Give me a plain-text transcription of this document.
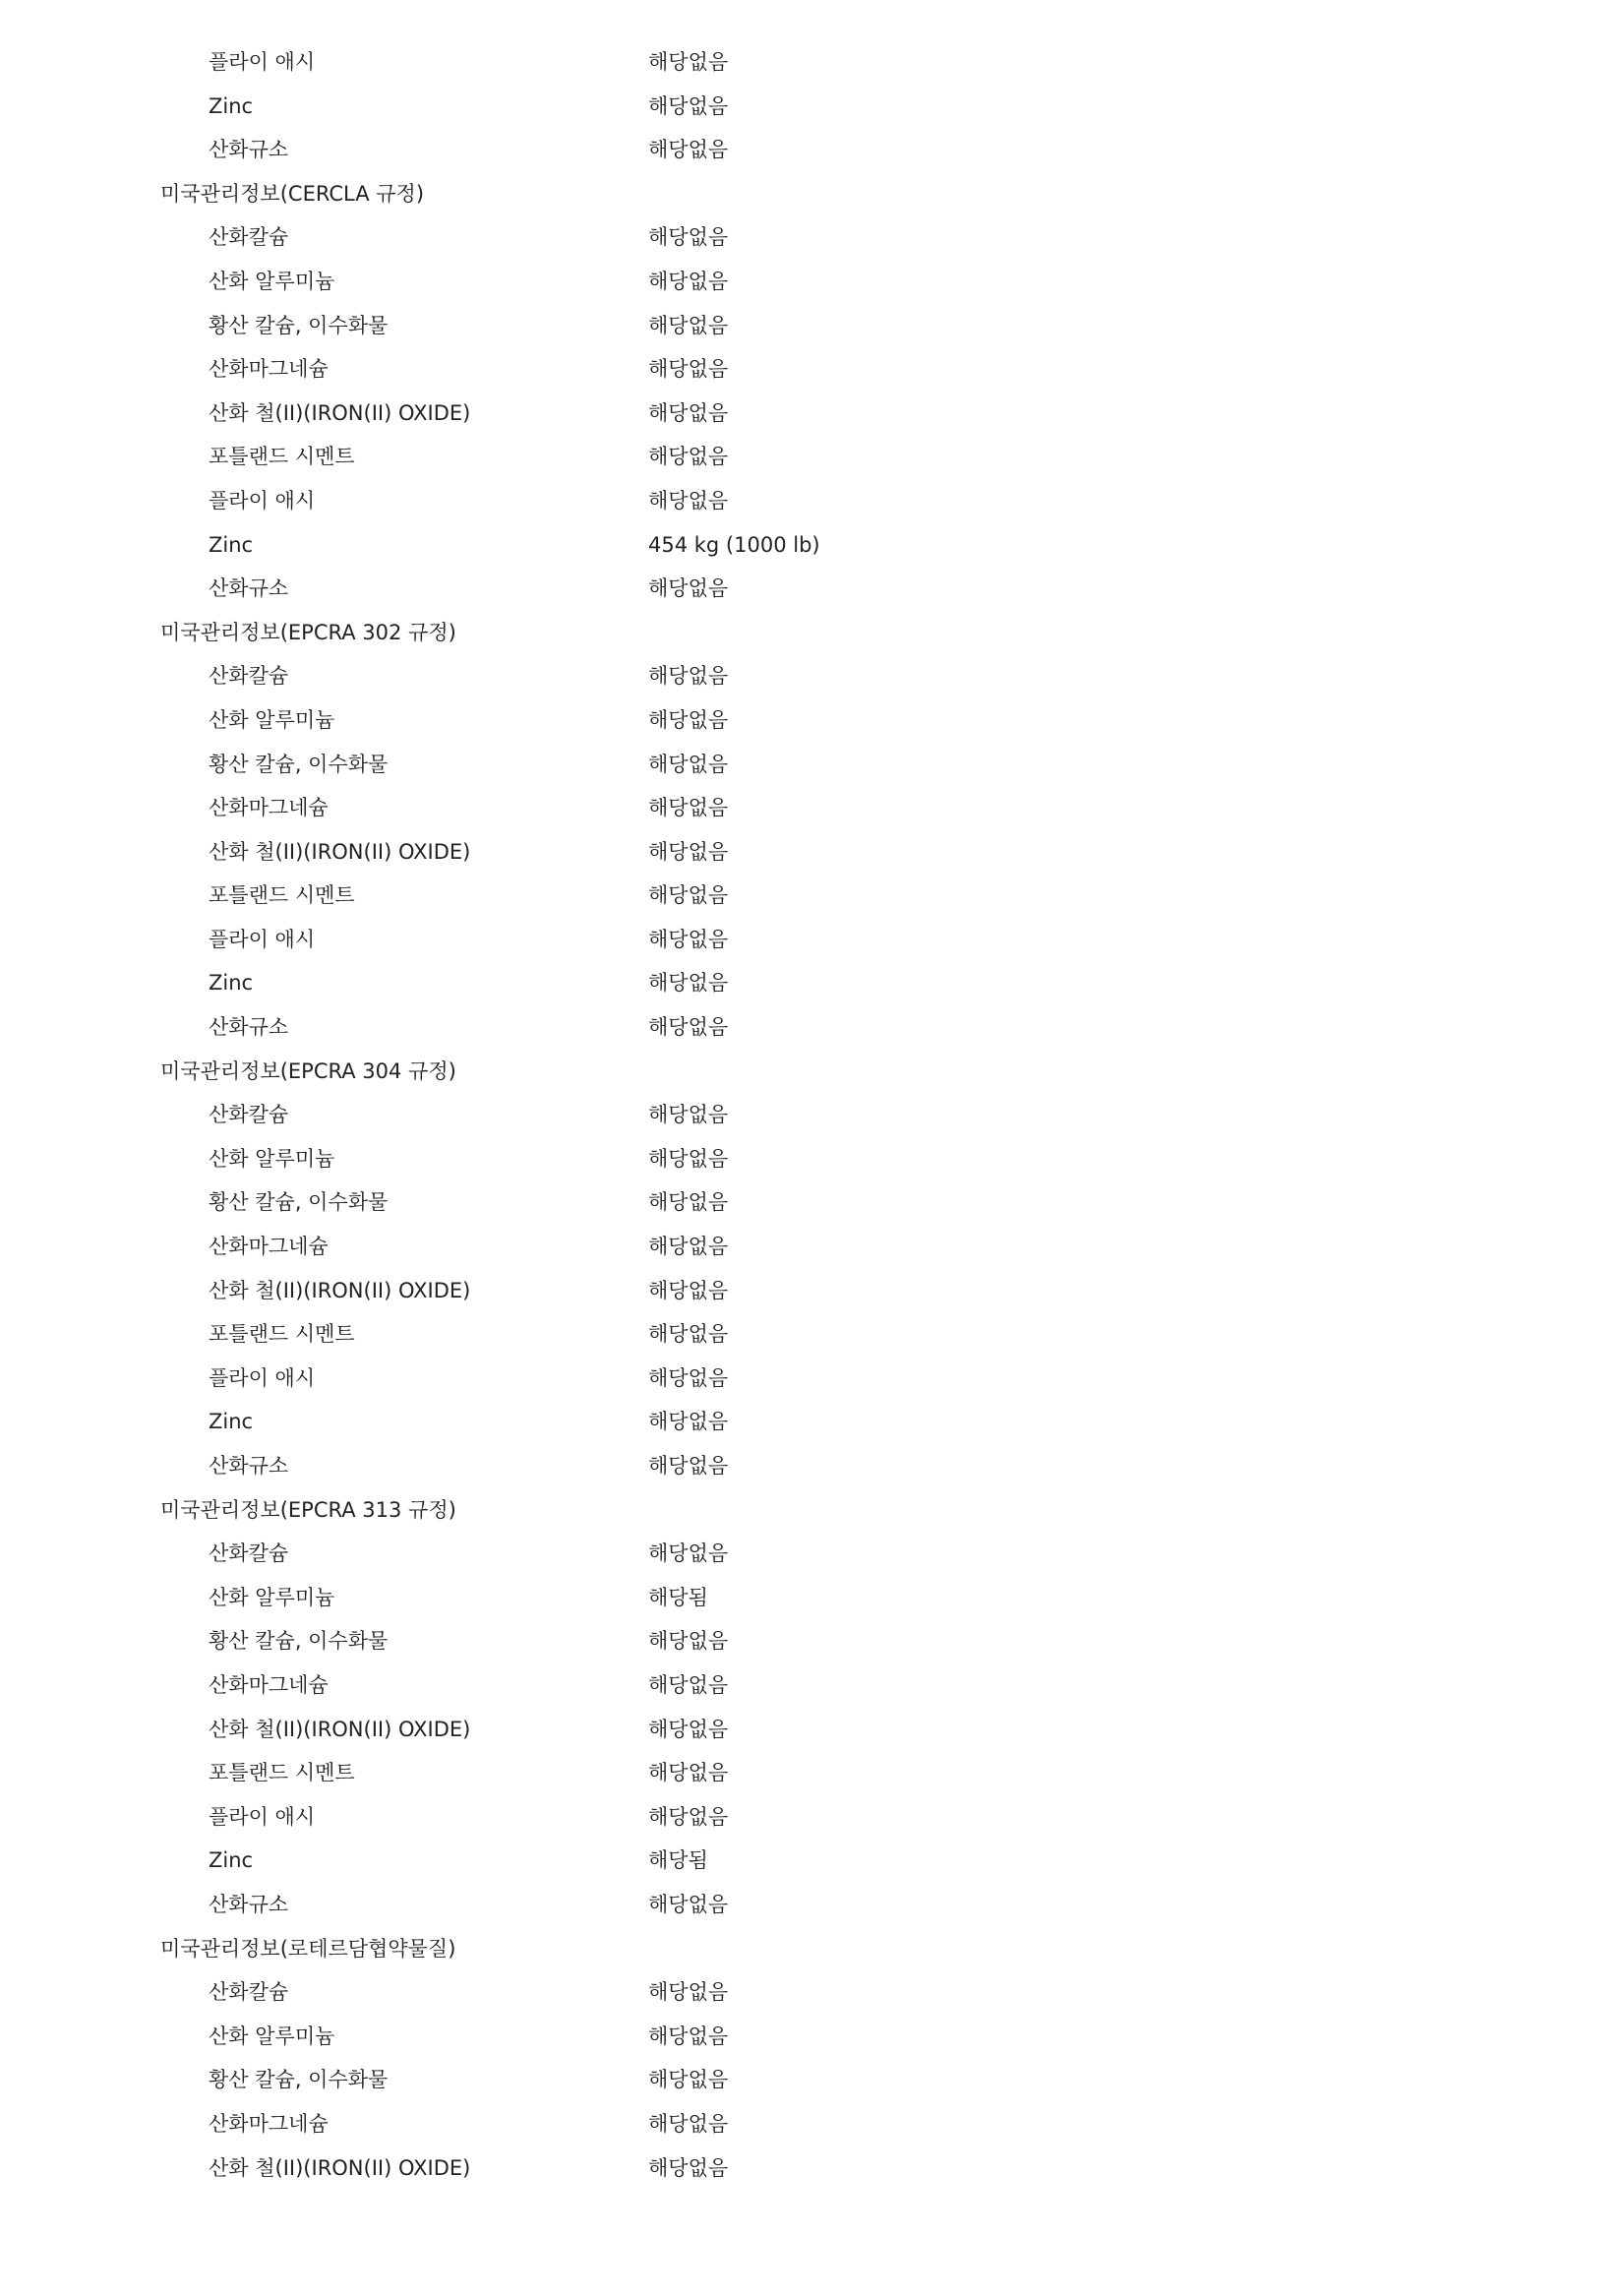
플라이 애시	해당없음
Zinc	해당없음
산화규소	해당없음
미국관리정보(CERCLA 규정)
산화칼슘	해당없음
산화 알루미늄	해당없음
황산 칼슘, 이수화물	해당없음
산화마그네슘	해당없음
산화 철(II)(IRON(II) OXIDE)	해당없음
포틀랜드 시멘트	해당없음
플라이 애시	해당없음
Zinc	454 kg (1000 lb)
산화규소	해당없음
미국관리정보(EPCRA 302 규정)
산화칼슘	해당없음
산화 알루미늄	해당없음
황산 칼슘, 이수화물	해당없음
산화마그네슘	해당없음
산화 철(II)(IRON(II) OXIDE)	해당없음
포틀랜드 시멘트	해당없음
플라이 애시	해당없음
Zinc	해당없음
산화규소	해당없음
미국관리정보(EPCRA 304 규정)
산화칼슘	해당없음
산화 알루미늄	해당없음
황산 칼슘, 이수화물	해당없음
산화마그네슘	해당없음
산화 철(II)(IRON(II) OXIDE)	해당없음
포틀랜드 시멘트	해당없음
플라이 애시	해당없음
Zinc	해당없음
산화규소	해당없음
미국관리정보(EPCRA 313 규정)
산화칼슘	해당없음
산화 알루미늄	해당됨
황산 칼슘, 이수화물	해당없음
산화마그네슘	해당없음
산화 철(II)(IRON(II) OXIDE)	해당없음
포틀랜드 시멘트	해당없음
플라이 애시	해당없음
Zinc	해당됨
산화규소	해당없음
미국관리정보(로테르담협약물질)
산화칼슘	해당없음
산화 알루미늄	해당없음
황산 칼슘, 이수화물	해당없음
산화마그네슘	해당없음
산화 철(II)(IRON(II) OXIDE)	해당없음
